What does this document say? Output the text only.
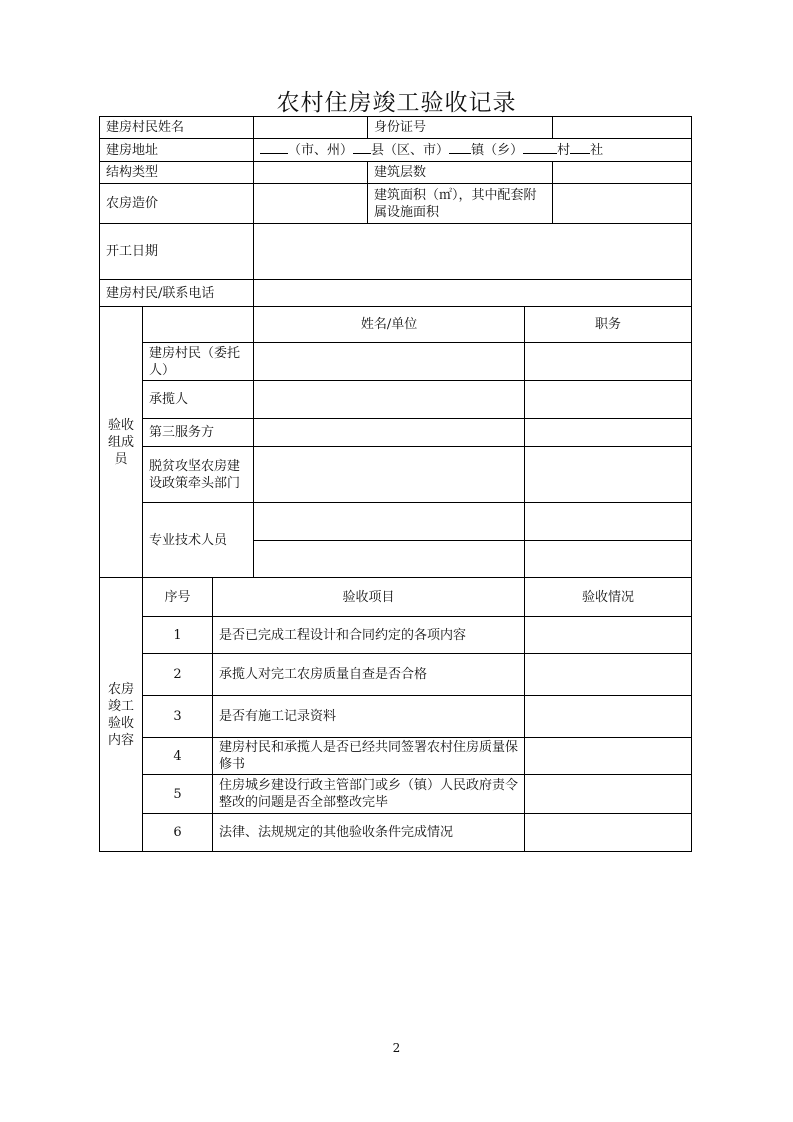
农村住房竣工验收记录
建房村民姓名				身份证号		
建房地址			（市、州） 县（区、市） 镇（乡） 村 社			
结构类型				建筑层数		
农房造价				建筑面积（㎡），其中配套附属设施面积		
开工日期						
建房村民/联系电话						
验收组成员			姓名/单位		职务	
	建房村民（委托人）					
	承揽人					
	第三服务方					
	脱贫攻坚农房建设政策牵头部门					
	专业技术人员					

农房竣工验收内容	序号	验收项目			验收情况	
	1	是否已完成工程设计和合同约定的各项内容				
	2	承揽人对完工农房质量自查是否合格				
	3	是否有施工记录资料				
	4	建房村民和承揽人是否已经共同签署农村住房质量保修书				
	5	住房城乡建设行政主管部门或乡（镇）人民政府责令整改的问题是否全部整改完毕				
	6	法律、法规规定的其他验收条件完成情况				
2
